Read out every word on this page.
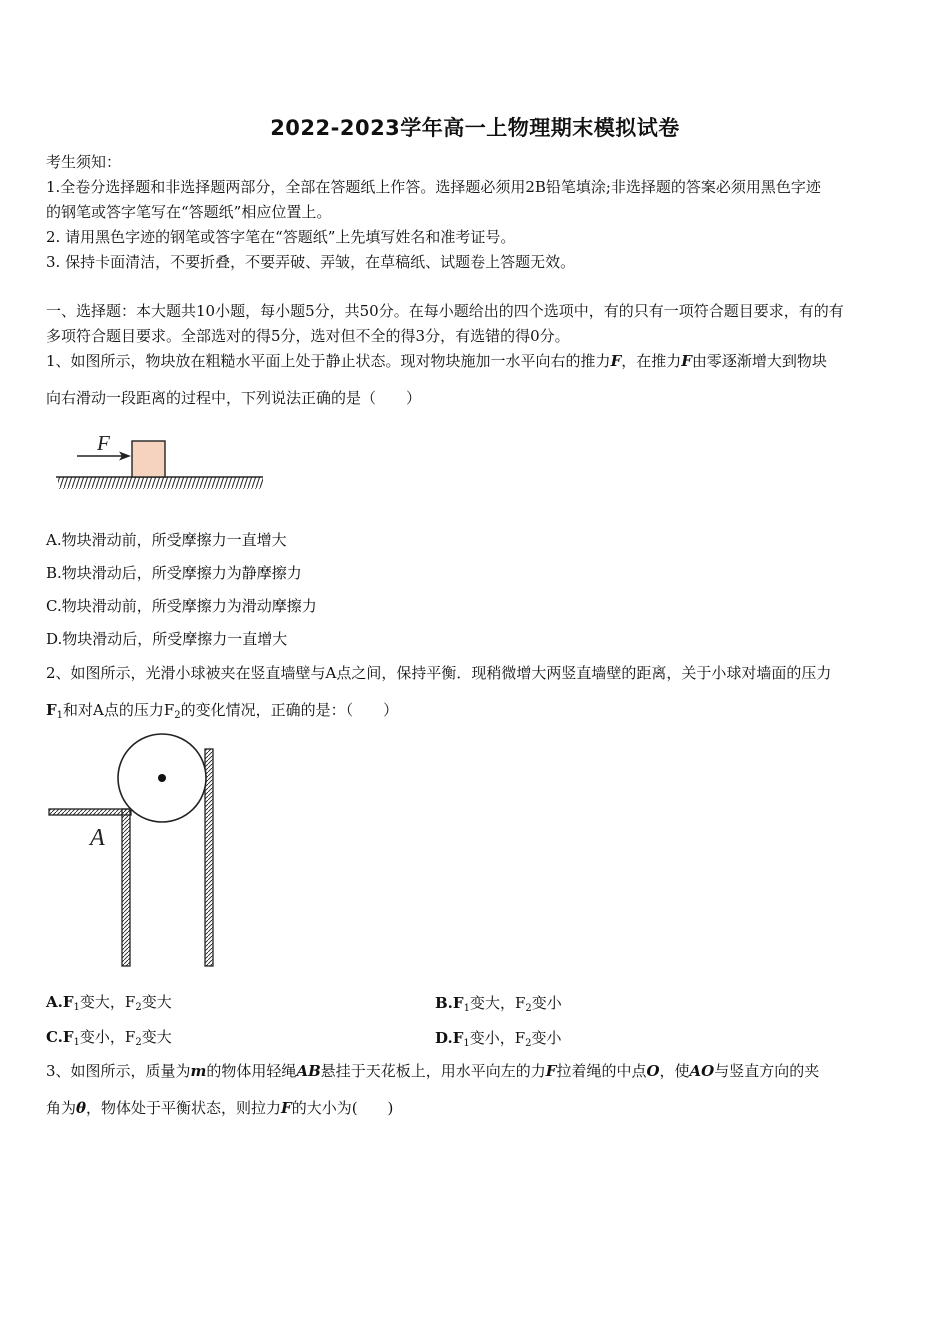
2022-2023学年高一上物理期末模拟试卷
考生须知：
1.全卷分选择题和非选择题两部分，全部在答题纸上作答。选择题必须用2B铅笔填涂;非选择题的答案必须用黑色字迹
的钢笔或答字笔写在“答题纸”相应位置上。
2. 请用黑色字迹的钢笔或答字笔在“答题纸”上先填写姓名和准考证号。
3. 保持卡面清洁，不要折叠，不要弄破、弄皱，在草稿纸、试题卷上答题无效。
一、选择题：本大题共10小题，每小题5分，共50分。在每小题给出的四个选项中，有的只有一项符合题目要求，有的有
多项符合题目要求。全部选对的得5分，选对但不全的得3分，有选错的得0分。
1、如图所示，物块放在粗糙水平面上处于静止状态。现对物块施加一水平向右的推力F，在推力F由零逐渐增大到物块
向右滑动一段距离的过程中，下列说法正确的是（　　）
F
A.物块滑动前，所受摩擦力一直增大
B.物块滑动后，所受摩擦力为静摩擦力
C.物块滑动前，所受摩擦力为滑动摩擦力
D.物块滑动后，所受摩擦力一直增大
2、如图所示，光滑小球被夹在竖直墙壁与A点之间，保持平衡．现稍微增大两竖直墙壁的距离，关于小球对墙面的压力
$F_1$和对A点的压力$F_2$的变化情况，正确的是：（　　）
A
$A.F_1$变大，$F_2$变大	$B.F_1$变大，$F_2$变小
$C.F_1$变小，$F_2$变大	$D.F_1$变小，$F_2$变小
3、如图所示，质量为m的物体用轻绳AB悬挂于天花板上，用水平向左的力F拉着绳的中点O，使AO与竖直方向的夹
角为θ，物体处于平衡状态，则拉力F的大小为(　　)
